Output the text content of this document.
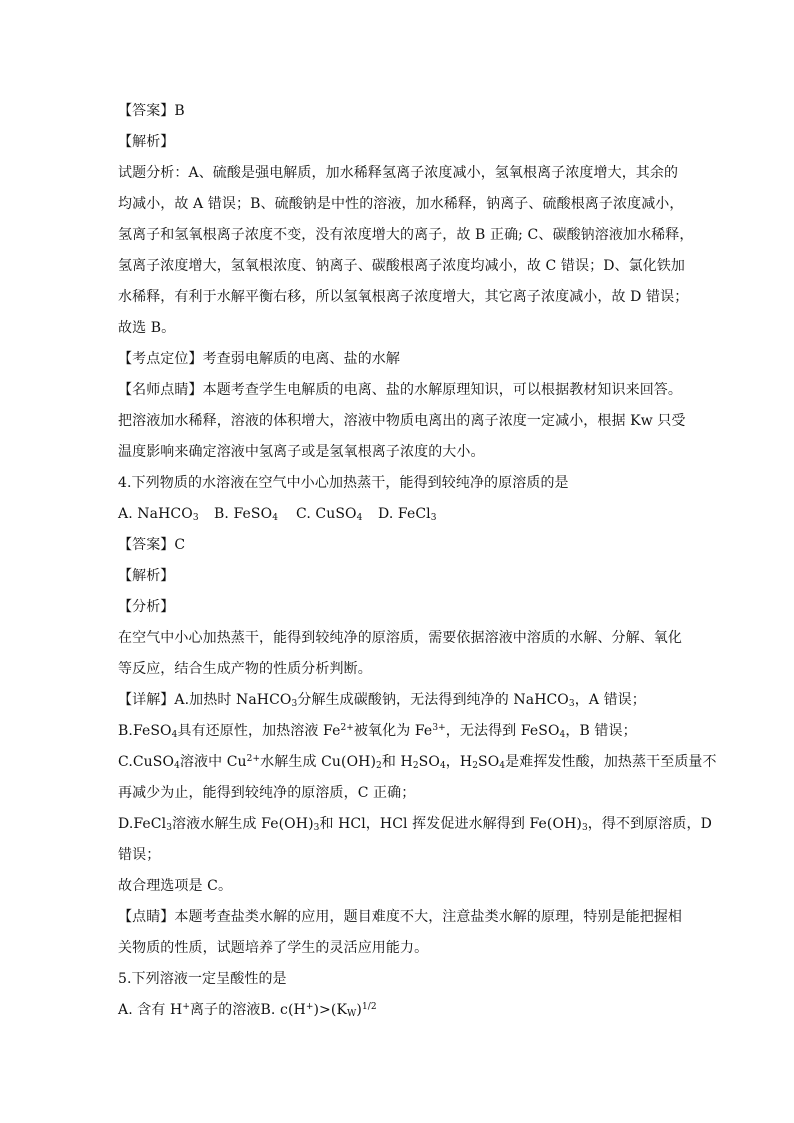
【答案】B
【解析】
试题分析：A、硫酸是强电解质，加水稀释氢离子浓度减小，氢氧根离子浓度增大，其余的
均减小，故 A 错误；B、硫酸钠是中性的溶液，加水稀释，钠离子、硫酸根离子浓度减小，
氢离子和氢氧根离子浓度不变，没有浓度增大的离子，故 B 正确; C、碳酸钠溶液加水稀释，
氢离子浓度增大，氢氧根浓度、钠离子、碳酸根离子浓度均减小，故 C 错误；D、氯化铁加
水稀释，有利于水解平衡右移，所以氢氧根离子浓度增大，其它离子浓度减小，故 D 错误；
故选 B。
【考点定位】考查弱电解质的电离、盐的水解
【名师点睛】本题考查学生电解质的电离、盐的水解原理知识，可以根据教材知识来回答。
把溶液加水稀释，溶液的体积增大，溶液中物质电离出的离子浓度一定减小，根据 Kw 只受
温度影响来确定溶液中氢离子或是氢氧根离子浓度的大小。
4.下列物质的水溶液在空气中小心加热蒸干，能得到较纯净的原溶质的是
A. NaHCO$_3$ B. FeSO$_4$ C. CuSO$_4$ D. FeCl$_3$
【答案】C
【解析】
【分析】
在空气中小心加热蒸干，能得到较纯净的原溶质，需要依据溶液中溶质的水解、分解、氧化
等反应，结合生成产物的性质分析判断。
【详解】A.加热时 NaHCO$_3$分解生成碳酸钠，无法得到纯净的 NaHCO$_3$，A 错误；
B.FeSO$_4$具有还原性，加热溶液 $Fe^{2+}$被氧化为 $Fe^{3+}$，无法得到 FeSO$_4$，B 错误；
C.CuSO$_4$溶液中 $Cu^{2+}$水解生成 $Cu(OH)_2$和 $H_2SO_4$，$H_2SO_4$是难挥发性酸，加热蒸干至质量不
再减少为止，能得到较纯净的原溶质，C 正确；
D.FeCl$_3$溶液水解生成 $Fe(OH)_3$和 HCl，HCl 挥发促进水解得到 $Fe(OH)_3$，得不到原溶质，D
错误；
故合理选项是 C。
【点睛】本题考查盐类水解的应用，题目难度不大，注意盐类水解的原理，特别是能把握相
关物质的性质，试题培养了学生的灵活应用能力。
5.下列溶液一定呈酸性的是
A. 含有 H+离子的溶液B. $c(H^+)>(K_W)^{1/2}$
